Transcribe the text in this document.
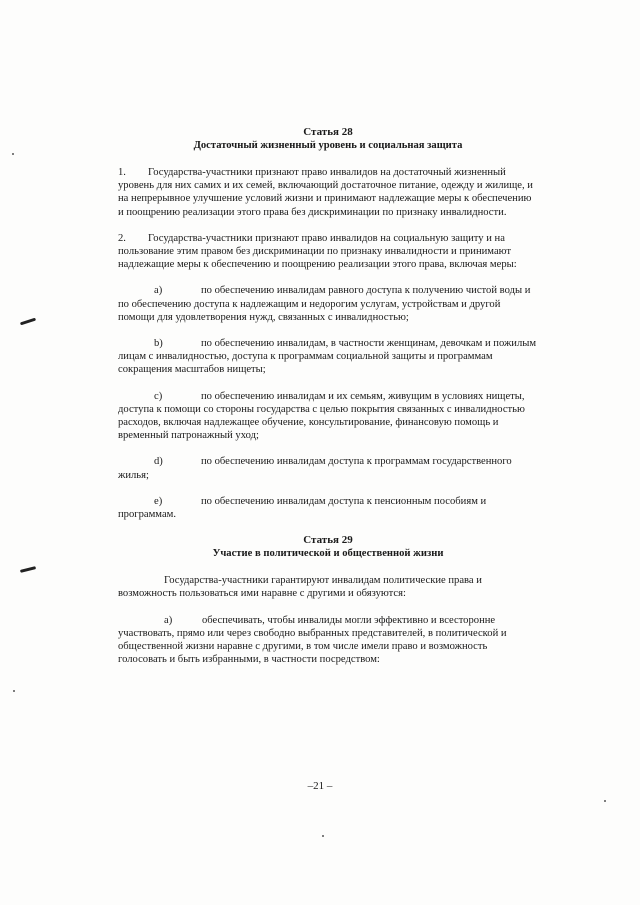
Статья 28
Достаточный жизненный уровень и социальная защита

1. Государства-участники признают право инвалидов на достаточный жизненный уровень для них самих и их семей, включающий достаточное питание, одежду и жилище, и на непрерывное улучшение условий жизни и принимают надлежащие меры к обеспечению и поощрению реализации этого права без дискриминации по признаку инвалидности.

2. Государства-участники признают право инвалидов на социальную защиту и на пользование этим правом без дискриминации по признаку инвалидности и принимают надлежащие меры к обеспечению и поощрению реализации этого права, включая меры:

a)	по обеспечению инвалидам равного доступа к получению чистой воды и по обеспечению доступа к надлежащим и недорогим услугам, устройствам и другой помощи для удовлетворения нужд, связанных с инвалидностью;

b)	по обеспечению инвалидам, в частности женщинам, девочкам и пожилым лицам с инвалидностью, доступа к программам социальной защиты и программам сокращения масштабов нищеты;

c)	по обеспечению инвалидам и их семьям, живущим в условиях нищеты, доступа к помощи со стороны государства с целью покрытия связанных с инвалидностью расходов, включая надлежащее обучение, консультирование, финансовую помощь и временный патронажный уход;

d)	по обеспечению инвалидам доступа к программам государственного жилья;

e)	по обеспечению инвалидам доступа к пенсионным пособиям и программам.

Статья 29
Участие в политической и общественной жизни

Государства-участники гарантируют инвалидам политические права и возможность пользоваться ими наравне с другими и обязуются:

a)	обеспечивать, чтобы инвалиды могли эффективно и всесторонне участвовать, прямо или через свободно выбранных представителей, в политической и общественной жизни наравне с другими, в том числе имели право и возможность голосовать и быть избранными, в частности посредством:

–21 –
